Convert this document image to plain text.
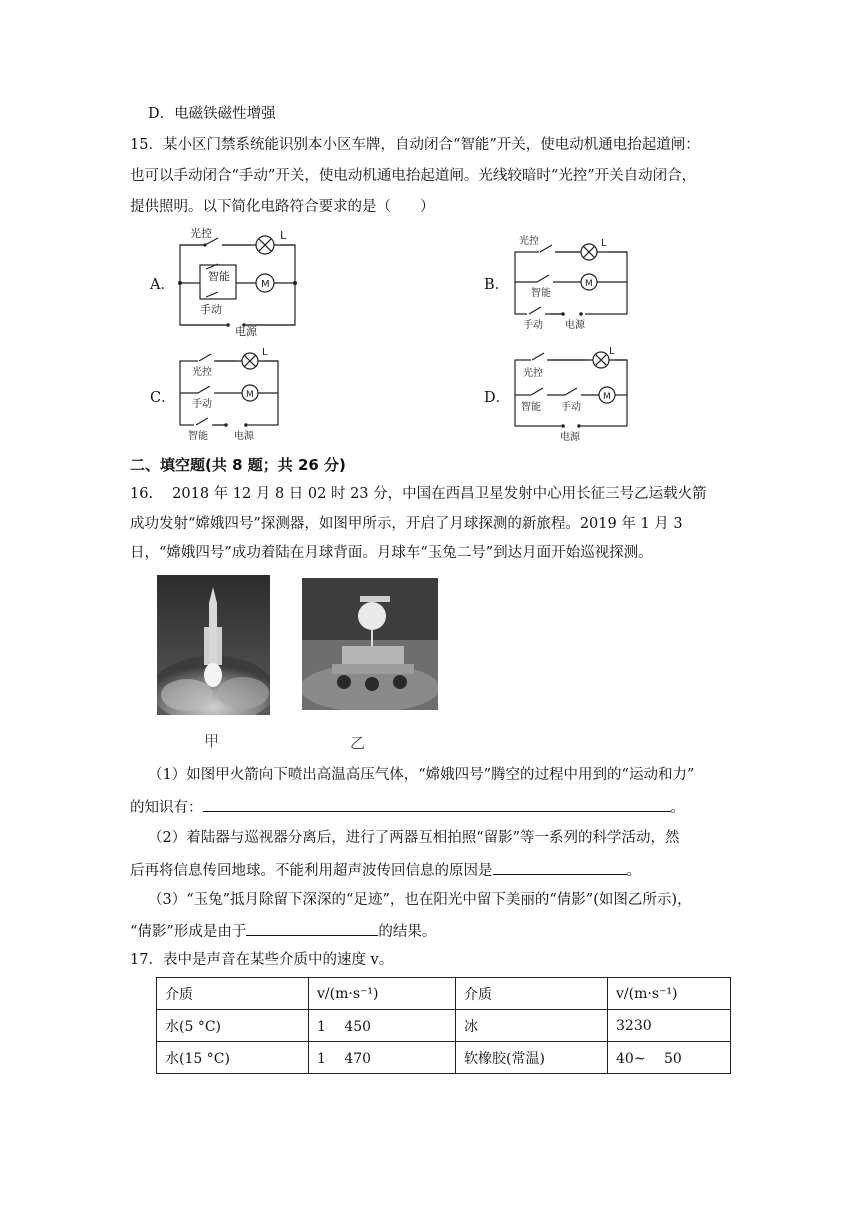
D．电磁铁磁性增强
15．某小区门禁系统能识别本小区车牌，自动闭合“智能”开关，使电动机通电抬起道闸：
也可以手动闭合“手动”开关，使电动机通电抬起道闸。光线较暗时“光控”开关自动闭合，
提供照明。以下简化电路符合要求的是（　　）
A．	B．
C．	D．
光控	L
M
智能
手动
电源
光控	L
M
智能
手动 电源
光控
L
M
手动
智能	电源
光控
L
M
智能 手动
电源
二、填空题(共 8 题；共 26 分)
16.　 2018 年 12 月 8 日 02 时 23 分，中国在西昌卫星发射中心用长征三号乙运载火箭
成功发射“嫦娥四号”探测器，如图甲所示，开启了月球探测的新旅程。2019 年 1 月 3
日，“嫦娥四号”成功着陆在月球背面。月球车“玉兔二号”到达月面开始巡视探测。
甲	乙
（1）如图甲火箭向下喷出高温高压气体，“嫦娥四号”腾空的过程中用到的“运动和力”
的知识有：	。
（2）着陆器与巡视器分离后，进行了两器互相拍照“留影”等一系列的科学活动，然
后再将信息传回地球。不能利用超声波传回信息的原因是	。
（3）“玉兔”抵月除留下深深的“足迹”，也在阳光中留下美丽的“倩影”(如图乙所示)，
“倩影”形成是由于	的结果。
17．表中是声音在某些介质中的速度 v。
介质	v/(m·s⁻¹)	介质	v/(m·s⁻¹)
水(5 °C)	1　 450	冰	3230
水(15 °C)	1　 470	软橡胶(常温)	40~　 50
